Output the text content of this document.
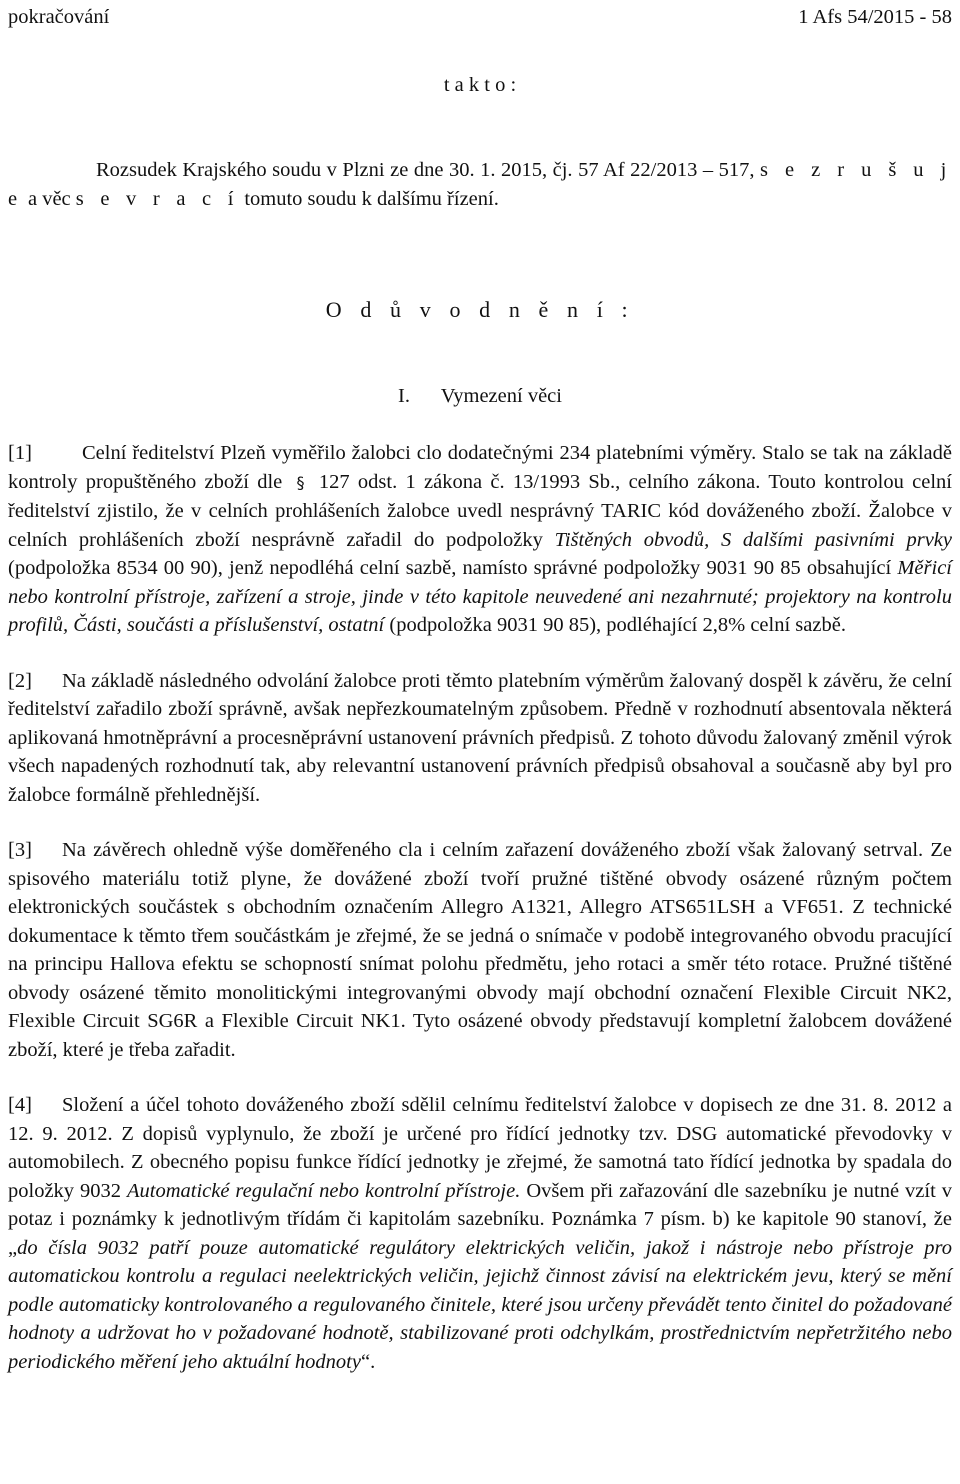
pokračování	1 Afs 54/2015 - 58
t a k t o :

Rozsudek Krajského soudu v Plzni ze dne 30. 1. 2015, čj. 57 Af 22/2013 – 517, s e z r u š u j e a věc s e v r a c í tomuto soudu k dalšímu řízení.

O d ů v o d n ě n í :
I. Vymezení věci

[1] Celní ředitelství Plzeň vyměřilo žalobci clo dodatečnými 234 platebními výměry. Stalo se tak na základě kontroly propuštěného zboží dle § 127 odst. 1 zákona č. 13/1993 Sb., celního zákona. Touto kontrolou celní ředitelství zjistilo, že v celních prohlášeních žalobce uvedl nesprávný TARIC kód dováženého zboží. Žalobce v celních prohlášeních zboží nesprávně zařadil do podpoložky Tištěných obvodů, S dalšími pasivními prvky (podpoložka 8534 00 90), jenž nepodléhá celní sazbě, namísto správné podpoložky 9031 90 85 obsahující Měřicí nebo kontrolní přístroje, zařízení a stroje, jinde v této kapitole neuvedené ani nezahrnuté; projektory na kontrolu profilů, Části, součásti a příslušenství, ostatní (podpoložka 9031 90 85), podléhající 2,8% celní sazbě.

[2] Na základě následného odvolání žalobce proti těmto platebním výměrům žalovaný dospěl k závěru, že celní ředitelství zařadilo zboží správně, avšak nepřezkoumatelným způsobem. Předně v rozhodnutí absentovala některá aplikovaná hmotněprávní a procesněprávní ustanovení právních předpisů. Z tohoto důvodu žalovaný změnil výrok všech napadených rozhodnutí tak, aby relevantní ustanovení právních předpisů obsahoval a současně aby byl pro žalobce formálně přehlednější.

[3] Na závěrech ohledně výše doměřeného cla i celním zařazení dováženého zboží však žalovaný setrval. Ze spisového materiálu totiž plyne, že dovážené zboží tvoří pružné tištěné obvody osázené různým počtem elektronických součástek s obchodním označením Allegro A1321, Allegro ATS651LSH a VF651. Z technické dokumentace k těmto třem součástkám je zřejmé, že se jedná o snímače v podobě integrovaného obvodu pracující na principu Hallova efektu se schopností snímat polohu předmětu, jeho rotaci a směr této rotace. Pružné tištěné obvody osázené těmito monolitickými integrovanými obvody mají obchodní označení Flexible Circuit NK2, Flexible Circuit SG6R a Flexible Circuit NK1. Tyto osázené obvody představují kompletní žalobcem dovážené zboží, které je třeba zařadit.

[4] Složení a účel tohoto dováženého zboží sdělil celnímu ředitelství žalobce v dopisech ze dne 31. 8. 2012 a 12. 9. 2012. Z dopisů vyplynulo, že zboží je určené pro řídící jednotky tzv. DSG automatické převodovky v automobilech. Z obecného popisu funkce řídící jednotky je zřejmé, že samotná tato řídící jednotka by spadala do položky 9032 Automatické regulační nebo kontrolní přístroje. Ovšem při zařazování dle sazebníku je nutné vzít v potaz i poznámky k jednotlivým třídám či kapitolám sazebníku. Poznámka 7 písm. b) ke kapitole 90 stanoví, že „do čísla 9032 patří pouze automatické regulátory elektrických veličin, jakož i nástroje nebo přístroje pro automatickou kontrolu a regulaci neelektrických veličin, jejichž činnost závisí na elektrickém jevu, který se mění podle automaticky kontrolovaného a regulovaného činitele, které jsou určeny převádět tento činitel do požadované hodnoty a udržovat ho v požadované hodnotě, stabilizované proti odchylkám, prostřednictvím nepřetržitého nebo periodického měření jeho aktuální hodnoty“.
